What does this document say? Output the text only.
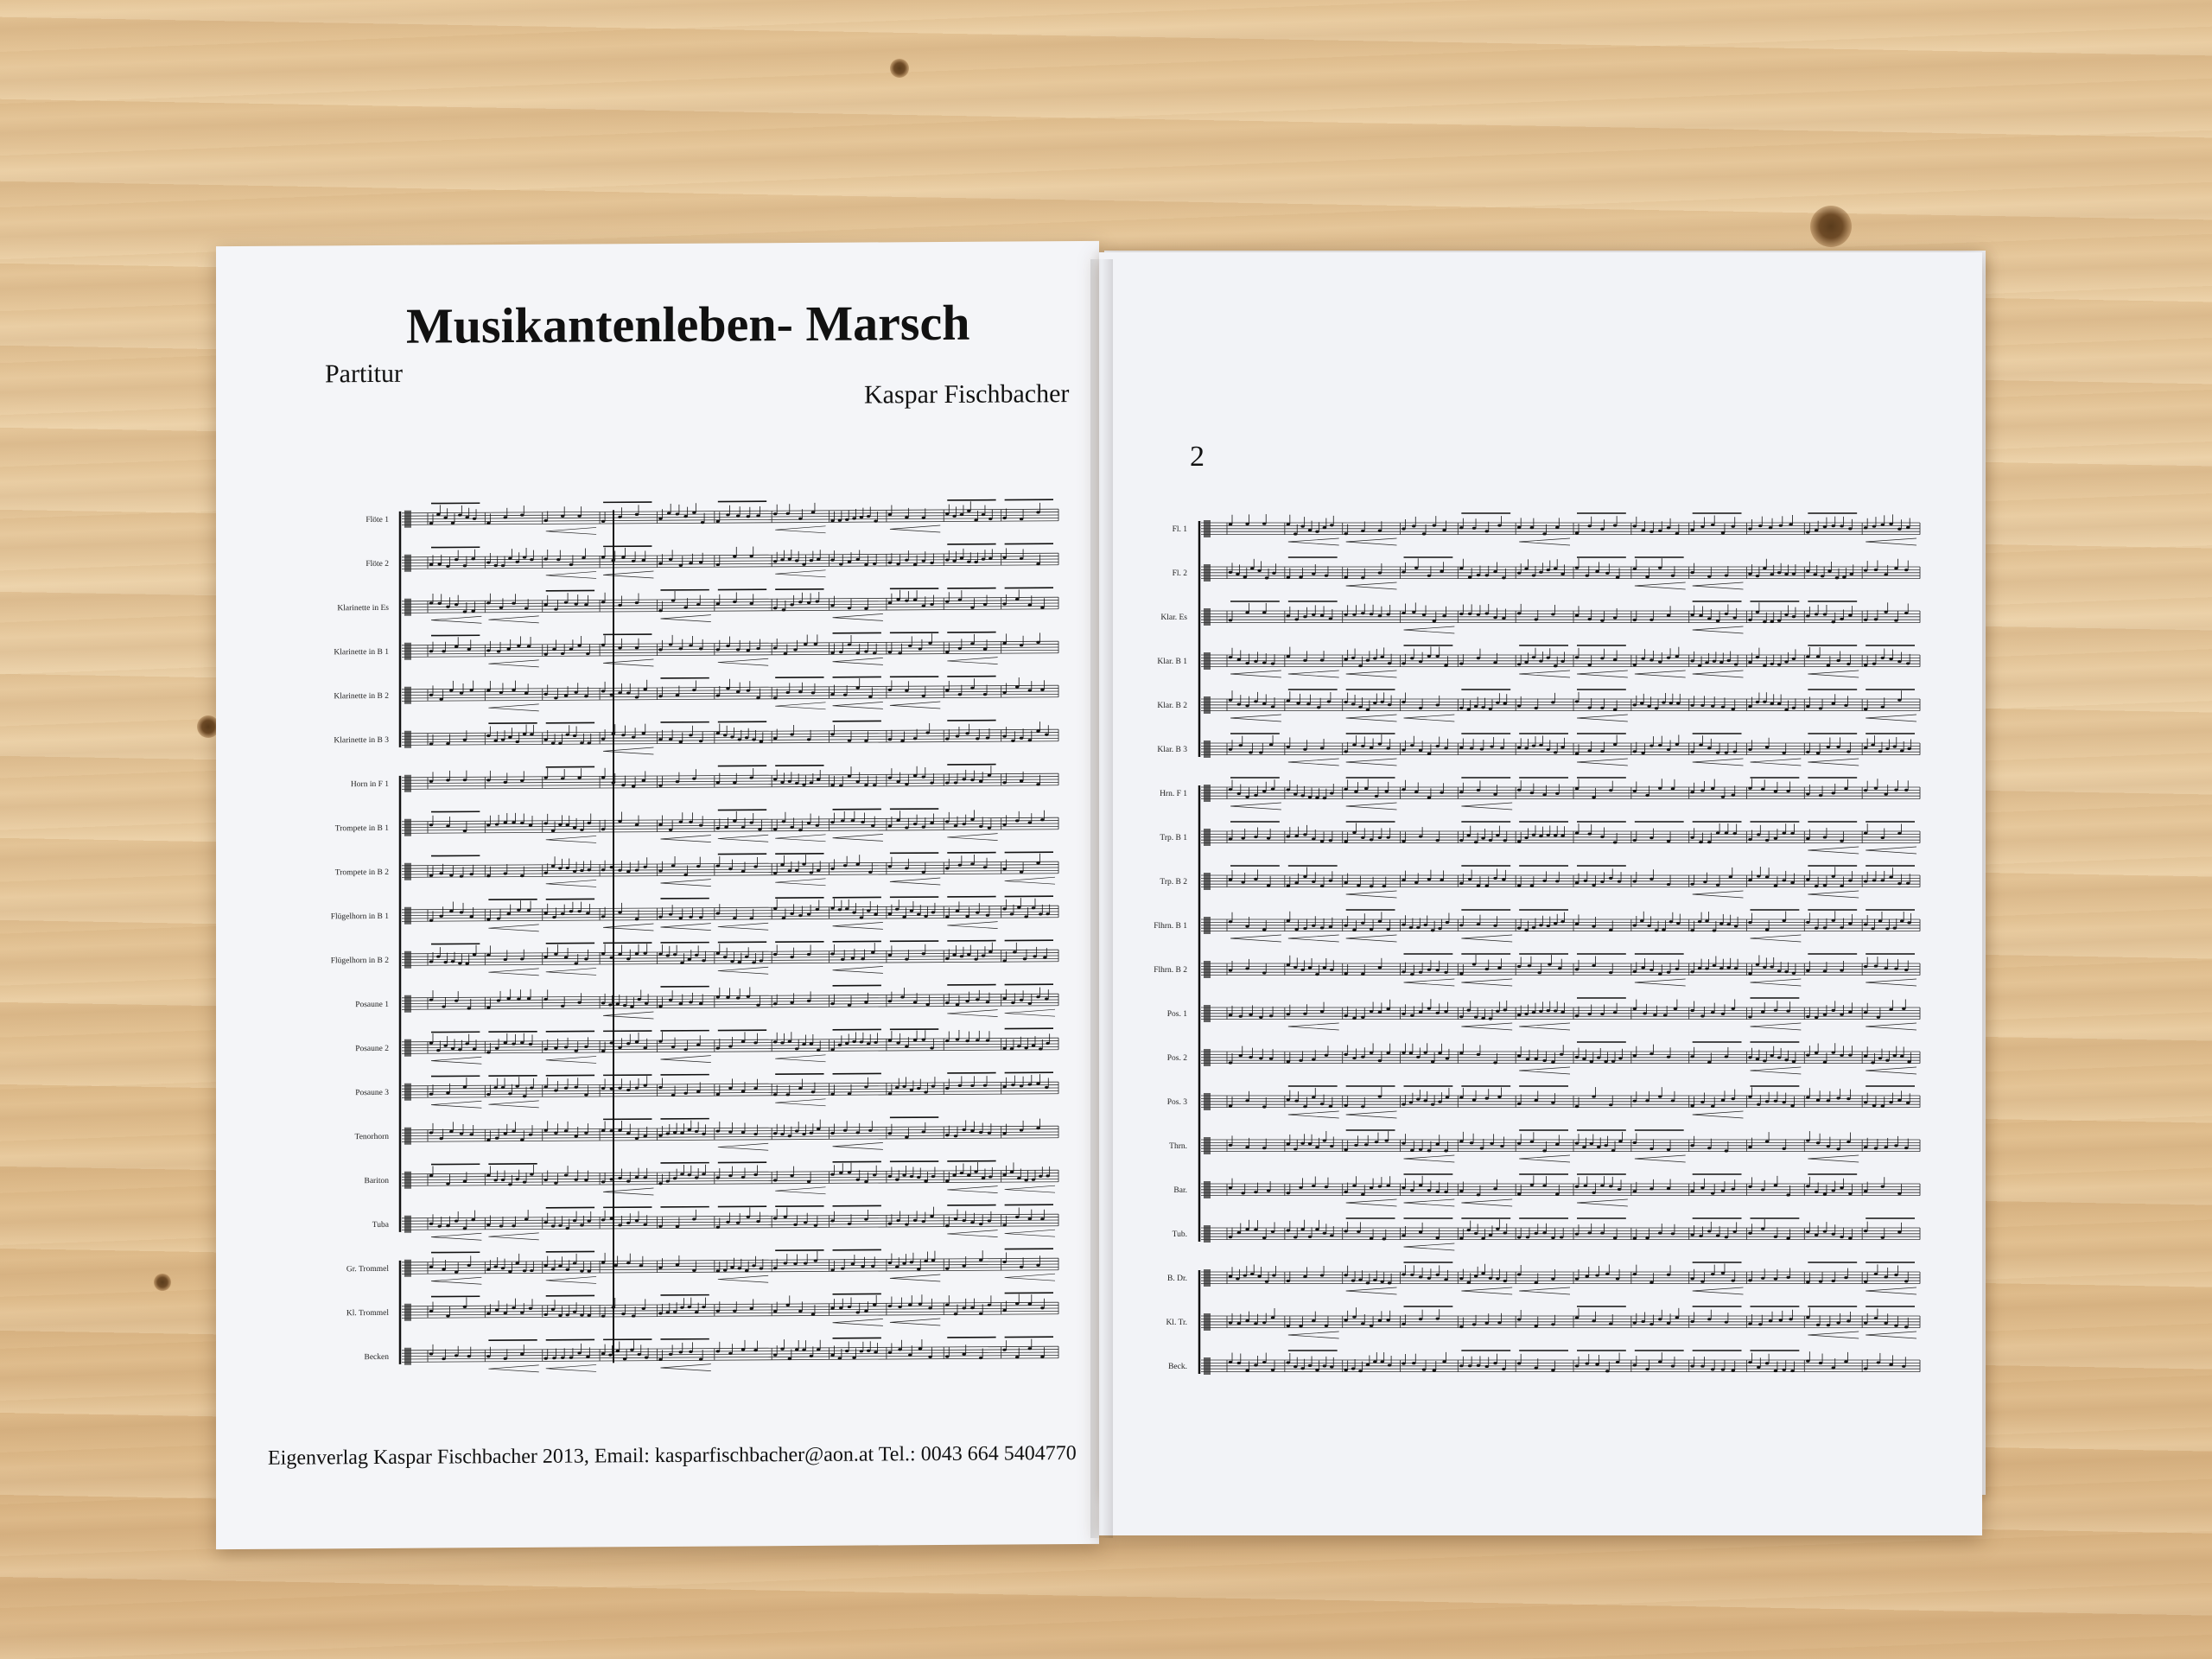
Musikantenleben- Marsch
Partitur
Kaspar Fischbacher
Flöte 1
Flöte 2
Klarinette in Es
Klarinette in B 1
Klarinette in B 2
Klarinette in B 3
Horn in F 1
Trompete in B 1
Trompete in B 2
Flügelhorn in B 1
Flügelhorn in B 2
Posaune 1
Posaune 2
Posaune 3
Tenorhorn
Bariton
Tuba
Gr. Trommel
Kl. Trommel
Becken
Eigenverlag Kaspar Fischbacher 2013, Email: kasparfischbacher@aon.at Tel.: 0043 664 5404770
2
Fl. 1
Fl. 2
Klar. Es
Klar. B 1
Klar. B 2
Klar. B 3
Hrn. F 1
Trp. B 1
Trp. B 2
Flhrn. B 1
Flhrn. B 2
Pos. 1
Pos. 2
Pos. 3
Thrn.
Bar.
Tub.
B. Dr.
Kl. Tr.
Beck.
